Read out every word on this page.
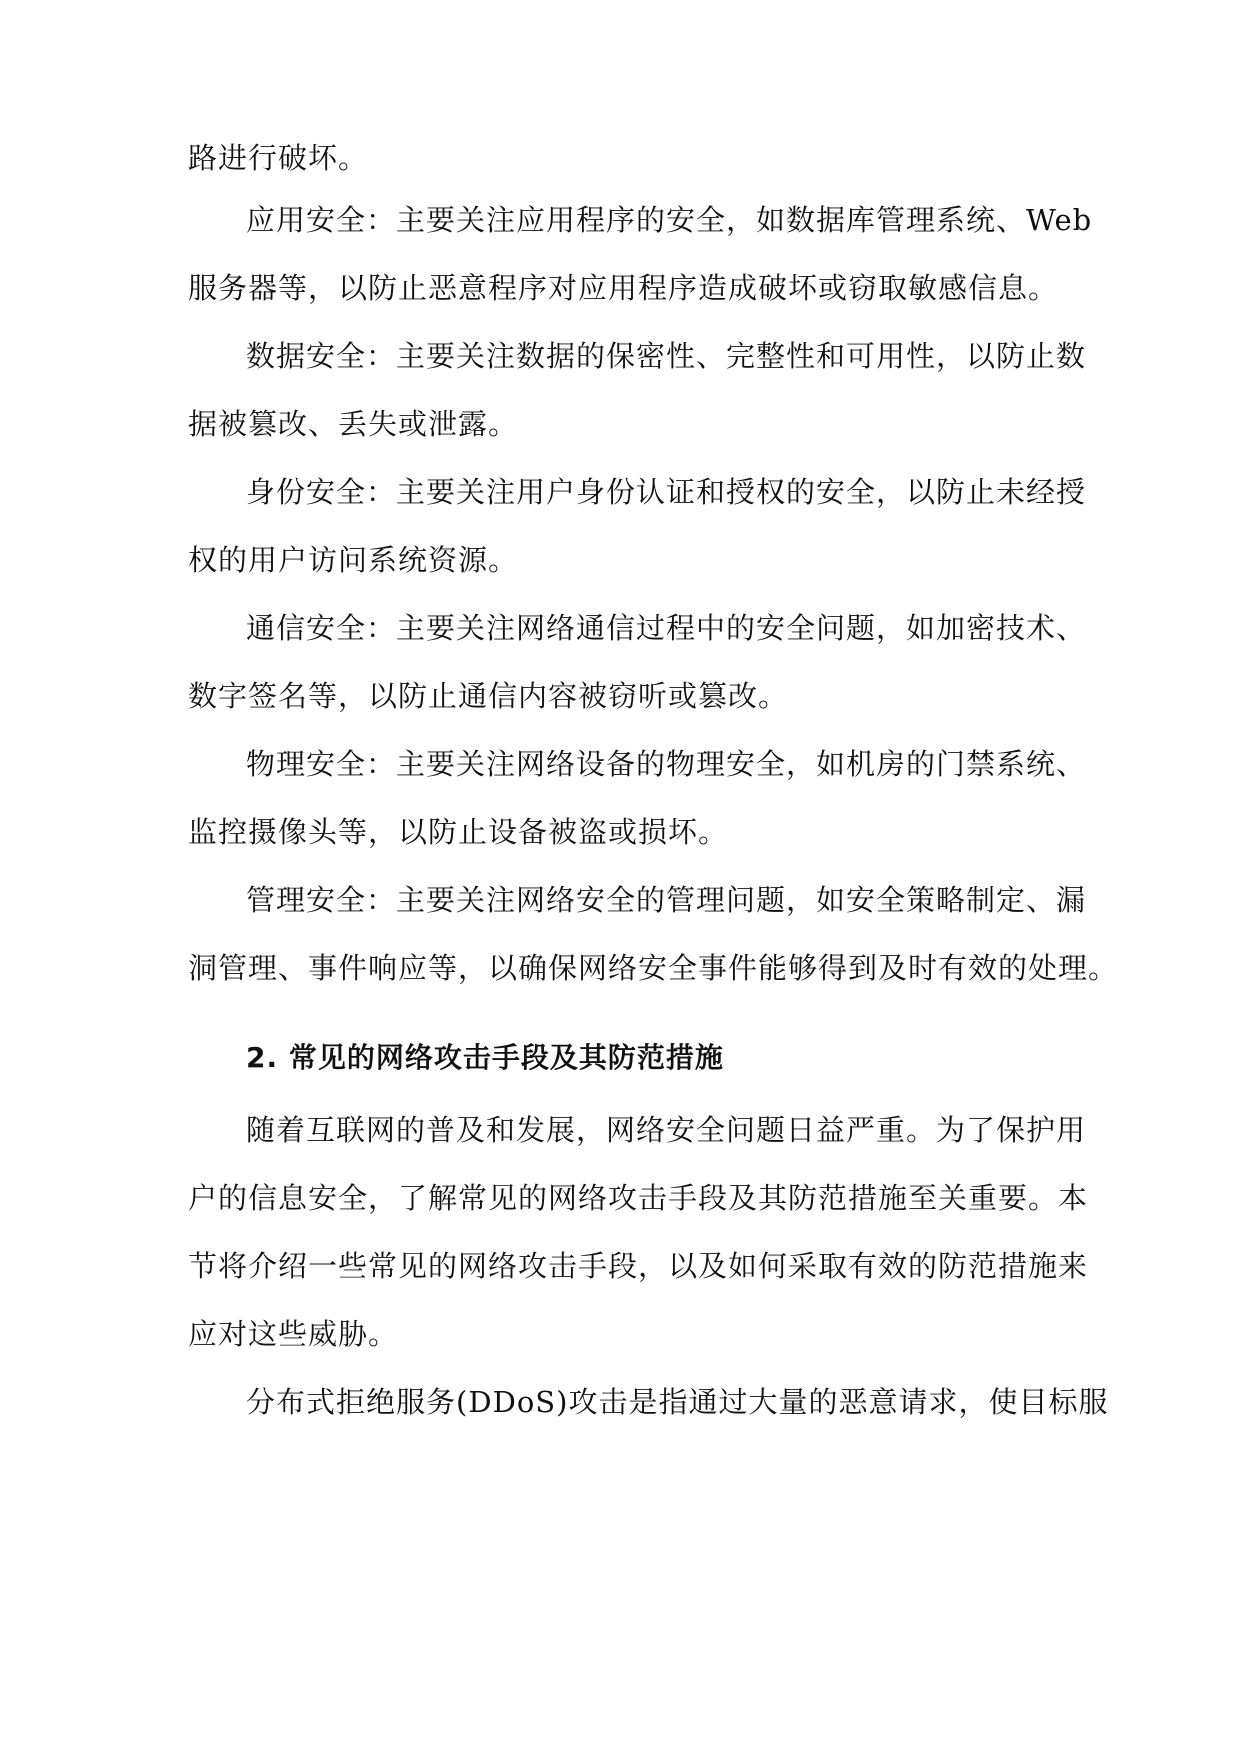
路进行破坏。
应用安全：主要关注应用程序的安全，如数据库管理系统、Web
服务器等，以防止恶意程序对应用程序造成破坏或窃取敏感信息。
数据安全：主要关注数据的保密性、完整性和可用性，以防止数
据被篡改、丢失或泄露。
身份安全：主要关注用户身份认证和授权的安全，以防止未经授
权的用户访问系统资源。
通信安全：主要关注网络通信过程中的安全问题，如加密技术、
数字签名等，以防止通信内容被窃听或篡改。
物理安全：主要关注网络设备的物理安全，如机房的门禁系统、
监控摄像头等，以防止设备被盗或损坏。
管理安全：主要关注网络安全的管理问题，如安全策略制定、漏
洞管理、事件响应等，以确保网络安全事件能够得到及时有效的处理。
2. 常见的网络攻击手段及其防范措施
随着互联网的普及和发展，网络安全问题日益严重。为了保护用
户的信息安全，了解常见的网络攻击手段及其防范措施至关重要。本
节将介绍一些常见的网络攻击手段，以及如何采取有效的防范措施来
应对这些威胁。
分布式拒绝服务(DDoS)攻击是指通过大量的恶意请求，使目标服
